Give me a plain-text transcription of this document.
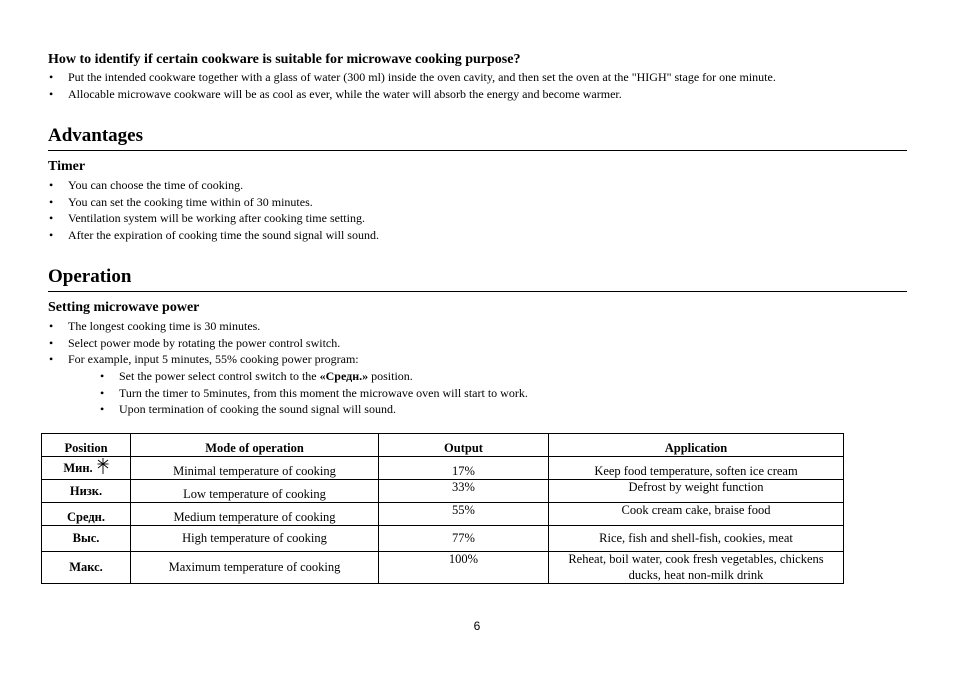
How to identify if certain cookware is suitable for microwave cooking purpose?
• Put the intended cookware together with a glass of water (300 ml) inside the oven cavity, and then set the oven at the "HIGH" stage for one minute.
• Allocable microwave cookware will be as cool as ever, while the water will absorb the energy and become warmer.
Advantages
Timer
• You can choose the time of cooking.
• You can set the cooking time within of 30 minutes.
• Ventilation system will be working after cooking time setting.
• After the expiration of cooking time the sound signal will sound.
Operation
Setting microwave power
• The longest cooking time is 30 minutes.
• Select power mode by rotating the power control switch.
• For example, input 5 minutes, 55% cooking power program:
• Set the power select control switch to the «Средн.» position.
• Turn the timer to 5minutes, from this moment the microwave oven will start to work.
• Upon termination of cooking the sound signal will sound.
Position	Mode of operation	Output	Application
Мин.	Minimal temperature of cooking	17%	Keep food temperature, soften ice cream
Низк.	Low temperature of cooking	33%	Defrost by weight function
Средн.	Medium temperature of cooking	55%	Cook cream cake, braise food
Выс.	High temperature of cooking	77%	Rice, fish and shell-fish, cookies, meat
Макс.	Maximum temperature of cooking	100%	Reheat, boil water, cook fresh vegetables, chickens
ducks, heat non-milk drink
6
